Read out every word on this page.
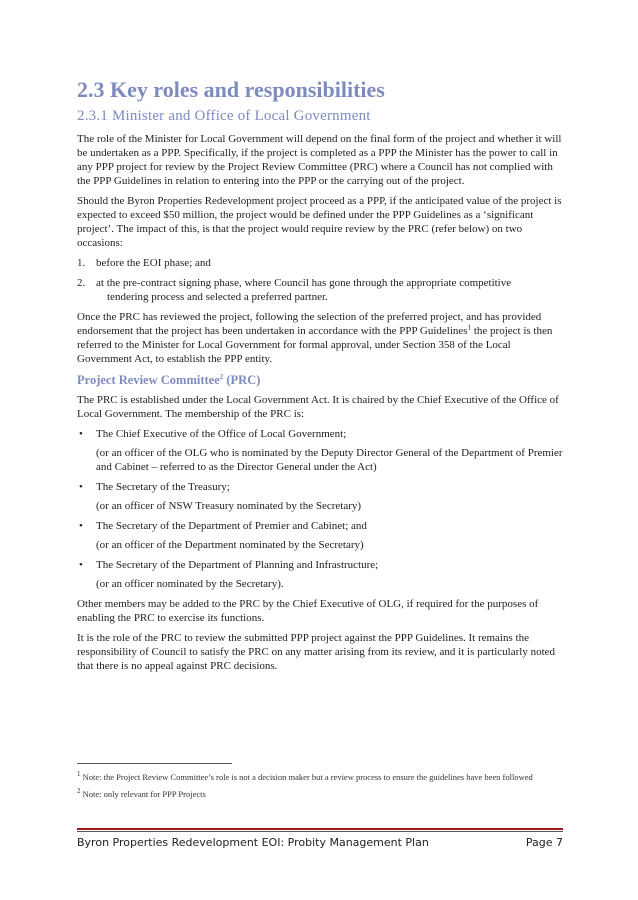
2.3 Key roles and responsibilities
2.3.1 Minister and Office of Local Government

The role of the Minister for Local Government will depend on the final form of the project and whether it will be undertaken as a PPP. Specifically, if the project is completed as a PPP the Minister has the power to call in any PPP project for review by the Project Review Committee (PRC) where a Council has not complied with the PPP Guidelines in relation to entering into the PPP or the carrying out of the project.

Should the Byron Properties Redevelopment project proceed as a PPP, if the anticipated value of the project is expected to exceed $50 million, the project would be defined under the PPP Guidelines as a ‘significant project’. The impact of this, is that the project would require review by the PRC (refer below) on two occasions:

1. before the EOI phase; and
2. at the pre-contract signing phase, where Council has gone through the appropriate competitive
tendering process and selected a preferred partner.

Once the PRC has reviewed the project, following the selection of the preferred project, and has provided endorsement that the project has been undertaken in accordance with the PPP Guidelines$^1$ the project is then referred to the Minister for Local Government for formal approval, under Section 358 of the Local Government Act, to establish the PPP entity.

Project Review Committee$^2$ (PRC)

The PRC is established under the Local Government Act. It is chaired by the Chief Executive of the Office of Local Government. The membership of the PRC is:

• The Chief Executive of the Office of Local Government;
(or an officer of the OLG who is nominated by the Deputy Director General of the Department of Premier and Cabinet – referred to as the Director General under the Act)
• The Secretary of the Treasury;
(or an officer of NSW Treasury nominated by the Secretary)
• The Secretary of the Department of Premier and Cabinet; and
(or an officer of the Department nominated by the Secretary)
• The Secretary of the Department of Planning and Infrastructure;
(or an officer nominated by the Secretary).

Other members may be added to the PRC by the Chief Executive of OLG, if required for the purposes of enabling the PRC to exercise its functions.

It is the role of the PRC to review the submitted PPP project against the PPP Guidelines. It remains the responsibility of Council to satisfy the PRC on any matter arising from its review, and it is particularly noted that there is no appeal against PRC decisions.

$^1$ Note: the Project Review Committee’s role is not a decision maker but a review process to ensure the guidelines have been followed

$^2$ Note: only relevant for PPP Projects

Byron Properties Redevelopment EOI: Probity Management Plan	Page 7
